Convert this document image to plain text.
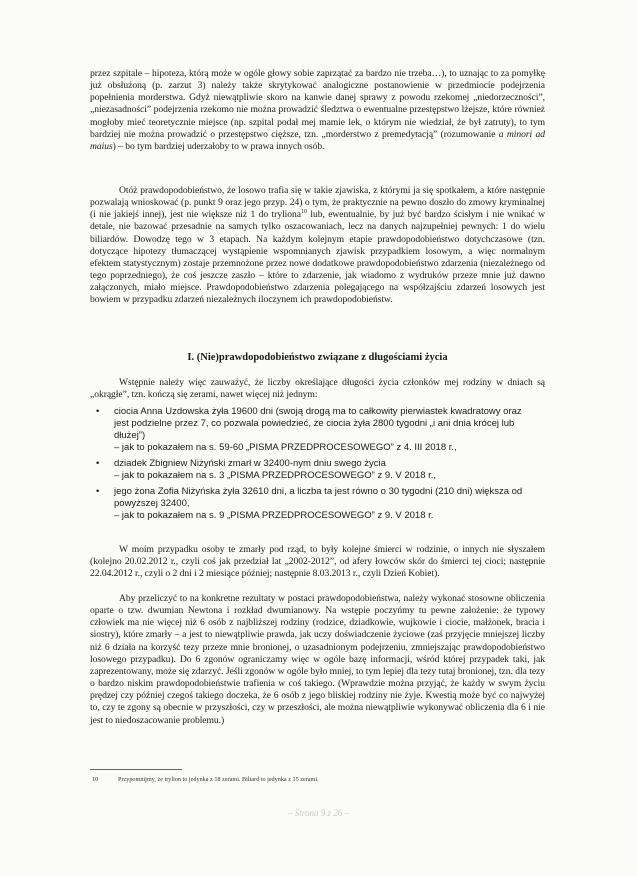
przez szpitale – hipoteza, którą może w ogóle głowy sobie zaprzątać za bardzo nie trzeba…), to uznając to za pomyłkę już obsłużoną (p. zarzut 3) należy także skrytykować analogiczne postanowienie w przedmiocie podejrzenia popełnienia morderstwa. Gdyż niewątpliwie skoro na kanwie danej sprawy z powodu rzekomej „niedorzeczności”, „niezasadności” podejrzenia rzekomo nie można prowadzić śledztwa o ewentualne przestępstwo lżejsze, które również mogłoby mieć teoretycznie miejsce (np. szpital podał mej mamie lek, o którym nie wiedział, że był zatruty), to tym bardziej nie można prowadzić o przestępstwo cięższe, tzn. „morderstwo z premedytacją” (rozumowanie a minori ad maius) – bo tym bardziej uderzałoby to w prawa innych osób.

Otóż prawdopodobieństwo, że losowo trafia się w takie zjawiska, z którymi ja się spotkałem, a które następnie pozwalają wnioskować (p. punkt 9 oraz jego przyp. 24) o tym, że praktycznie na pewno doszło do zmowy kryminalnej (i nie jakiejś innej), jest nie większe niż 1 do tryliona$^{10}$ lub, ewentualnie, by już być bardzo ścisłym i nie wnikać w detale, nie bazować przesadnie na samych tylko oszacowaniach, lecz na danych najzupełniej pewnych: 1 do wielu biliardów. Dowodzę tego w 3 etapach. Na każdym kolejnym etapie prawdopodobieństwo dotychczasowe (tzn. dotyczące hipotezy tłumaczącej wystąpienie wspomnianych zjawisk przypadkiem losowym, a więc normalnym efektem statystycznym) zostaje przemnożone przez nowe dodatkowe prawdopodobieństwo zdarzenia (niezależnego od tego poprzedniego), że coś jeszcze zaszło – które to zdarzenie, jak wiadomo z wydruków przeze mnie już dawno załączonych, miało miejsce. Prawdopodobieństwo zdarzenia polegającego na współzajściu zdarzeń losowych jest bowiem w przypadku zdarzeń niezależnych iloczynem ich prawdopodobieństw.

I. (Nie)prawdopodobieństwo związane z długościami życia

Wstępnie należy więc zauważyć, że liczby określające długości życia członków mej rodziny w dniach są „okrągłe”, tzn. kończą się zerami, nawet więcej niż jednym:

• ciocia Anna Uzdowska żyła 19600 dni (swoją drogą ma to całkowity pierwiastek kwadratowy oraz jest podzielne przez 7, co pozwala powiedzieć, że ciocia żyła 2800 tygodni „i ani dnia krócej lub dłużej”)
– jak to pokazałem na s. 59-60 „PISMA PRZEDPROCESOWEGO” z 4. III 2018 r.,
• dziadek Zbigniew Niżyński zmarł w 32400-nym dniu swego życia
– jak to pokazałem na s. 3 „PISMA PRZEDPROCESOWEGO” z 9. V 2018 r.,
• jego żona Zofia Niżyńska żyła 32610 dni, a liczba ta jest równo o 30 tygodni (210 dni) większa od powyższej 32400,
– jak to pokazałem na s. 9 „PISMA PRZEDPROCESOWEGO” z 9. V 2018 r.

W moim przypadku osoby te zmarły pod rząd, to były kolejne śmierci w rodzinie, o innych nie słyszałem (kolejno 20.02.2012 r., czyli coś jak przedział lat „2002-2012”, od afery łowców skór do śmierci tej cioci; następnie 22.04.2012 r., czyli o 2 dni i 2 miesiące później; następnie 8.03.2013 r., czyli Dzień Kobiet).

Aby przeliczyć to na konkretne rezultaty w postaci prawdopodobieństwa, należy wykonać stosowne obliczenia oparte o tzw. dwumian Newtona i rozkład dwumianowy. Na wstępie poczyńmy tu pewne założenie: że typowy człowiek ma nie więcej niż 6 osób z najbliższej rodziny (rodzice, dziadkowie, wujkowie i ciocie, małżonek, bracia i siostry), które zmarły – a jest to niewątpliwie prawda, jak uczy doświadczenie życiowe (zaś przyjęcie mniejszej liczby niż 6 działa na korzyść tezy przeze mnie bronionej, o uzasadnionym podejrzeniu, zmniejszając prawdopodobieństwo losowego przypadku). Do 6 zgonów ograniczamy więc w ogóle bazę informacji, wśród której przypadek taki, jak zaprezentowany, może się zdarzyć. Jeśli zgonów w ogóle było mniej, to tym lepiej dla tezy tutaj bronionej, tzn. dla tezy o bardzo niskim prawdopodobieństwie trafienia w coś takiego. (Wprawdzie można przyjąć, że każdy w swym życiu prędzej czy później czegoś takiego doczeka, że 6 osób z jego bliskiej rodziny nie żyje. Kwestią może być co najwyżej to, czy te zgony są obecnie w przyszłości, czy w przeszłości, ale można niewątpliwie wykonywać obliczenia dla 6 i nie jest to niedoszacowanie problemu.)

10	Przypomnijmy, że trylion to jedynka z 18 zerami. Biliard to jedynka z 15 zerami.
– Strona 9 z 26 –
